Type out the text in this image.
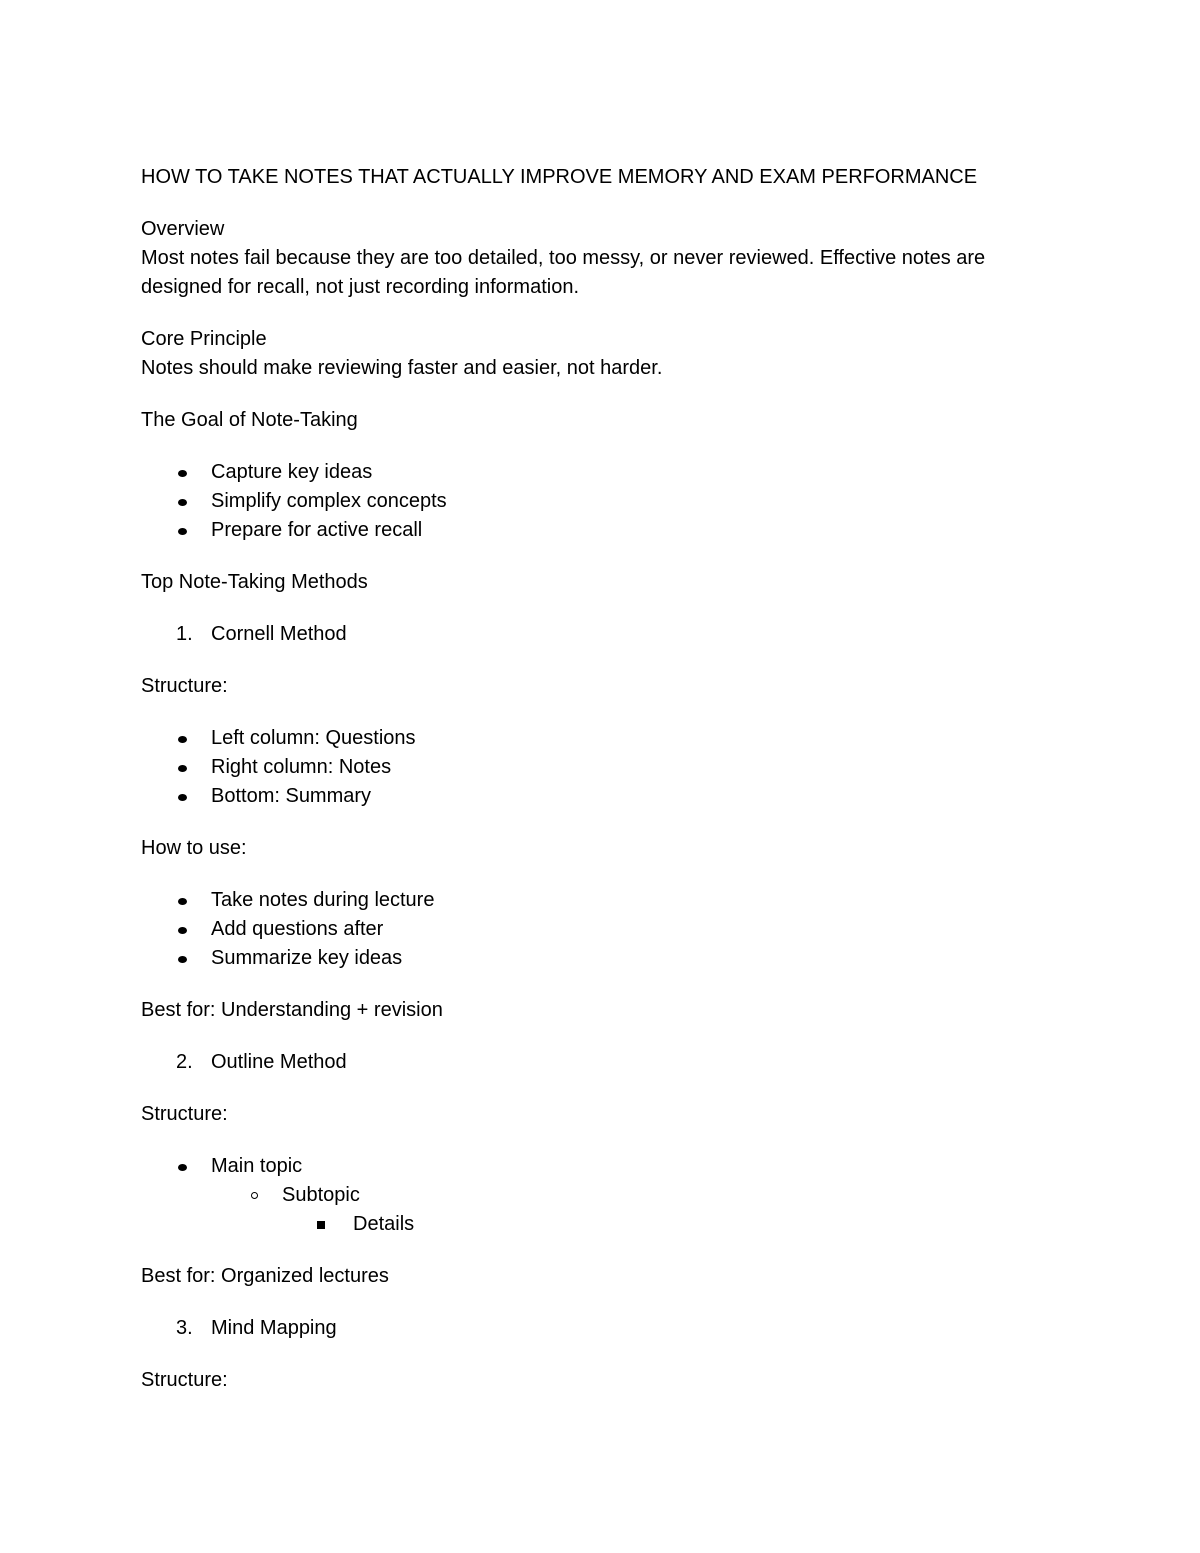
HOW TO TAKE NOTES THAT ACTUALLY IMPROVE MEMORY AND EXAM PERFORMANCE
Overview
Most notes fail because they are too detailed, too messy, or never reviewed. Effective notes are
designed for recall, not just recording information.
Core Principle
Notes should make reviewing faster and easier, not harder.
The Goal of Note-Taking
Capture key ideas
Simplify complex concepts
Prepare for active recall
Top Note-Taking Methods
1. Cornell Method
Structure:
Left column: Questions
Right column: Notes
Bottom: Summary
How to use:
Take notes during lecture
Add questions after
Summarize key ideas
Best for: Understanding + revision
2. Outline Method
Structure:
Main topic
Subtopic
Details
Best for: Organized lectures
3. Mind Mapping
Structure:
